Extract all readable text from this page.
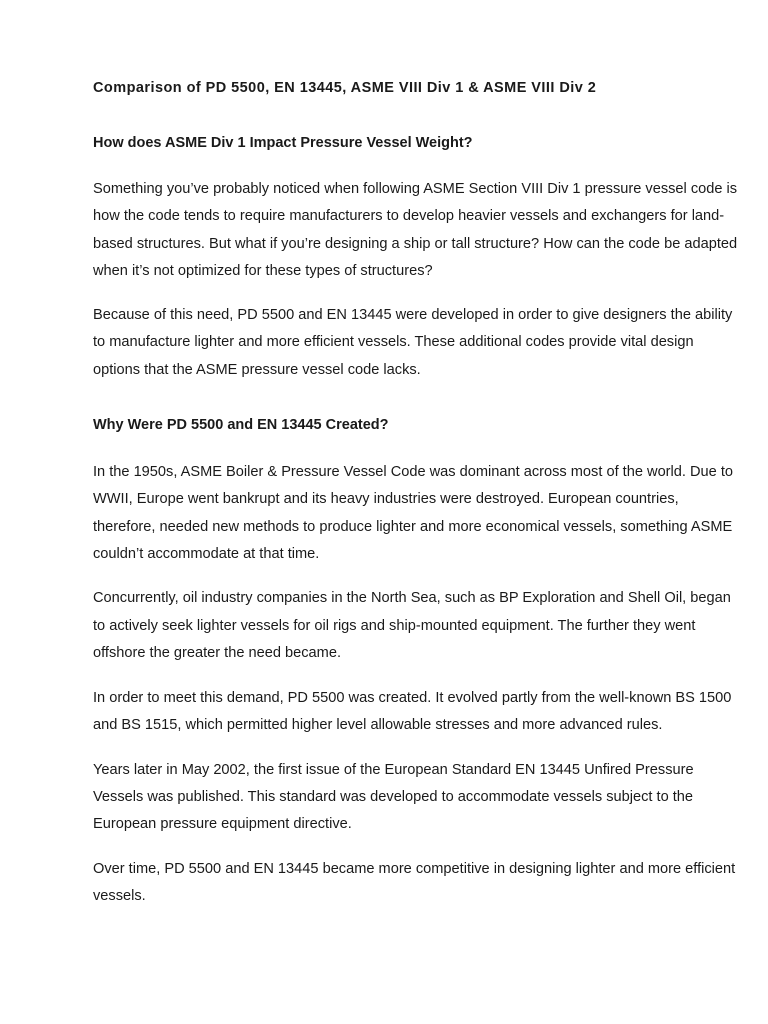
Comparison of PD 5500, EN 13445, ASME VIII Div 1 & ASME VIII Div 2
How does ASME Div 1 Impact Pressure Vessel Weight?

Something you’ve probably noticed when following ASME Section VIII Div 1 pressure vessel code is how the code tends to require manufacturers to develop heavier vessels and exchangers for land-based structures. But what if you’re designing a ship or tall structure? How can the code be adapted when it’s not optimized for these types of structures?

Because of this need, PD 5500 and EN 13445 were developed in order to give designers the ability to manufacture lighter and more efficient vessels. These additional codes provide vital design options that the ASME pressure vessel code lacks.

Why Were PD 5500 and EN 13445 Created?

In the 1950s, ASME Boiler & Pressure Vessel Code was dominant across most of the world. Due to WWII, Europe went bankrupt and its heavy industries were destroyed. European countries, therefore, needed new methods to produce lighter and more economical vessels, something ASME couldn’t accommodate at that time.

Concurrently, oil industry companies in the North Sea, such as BP Exploration and Shell Oil, began to actively seek lighter vessels for oil rigs and ship-mounted equipment. The further they went offshore the greater the need became.

In order to meet this demand, PD 5500 was created. It evolved partly from the well-known BS 1500 and BS 1515, which permitted higher level allowable stresses and more advanced rules.

Years later in May 2002, the first issue of the European Standard EN 13445 Unfired Pressure Vessels was published. This standard was developed to accommodate vessels subject to the European pressure equipment directive.

Over time, PD 5500 and EN 13445 became more competitive in designing lighter and more efficient vessels.
